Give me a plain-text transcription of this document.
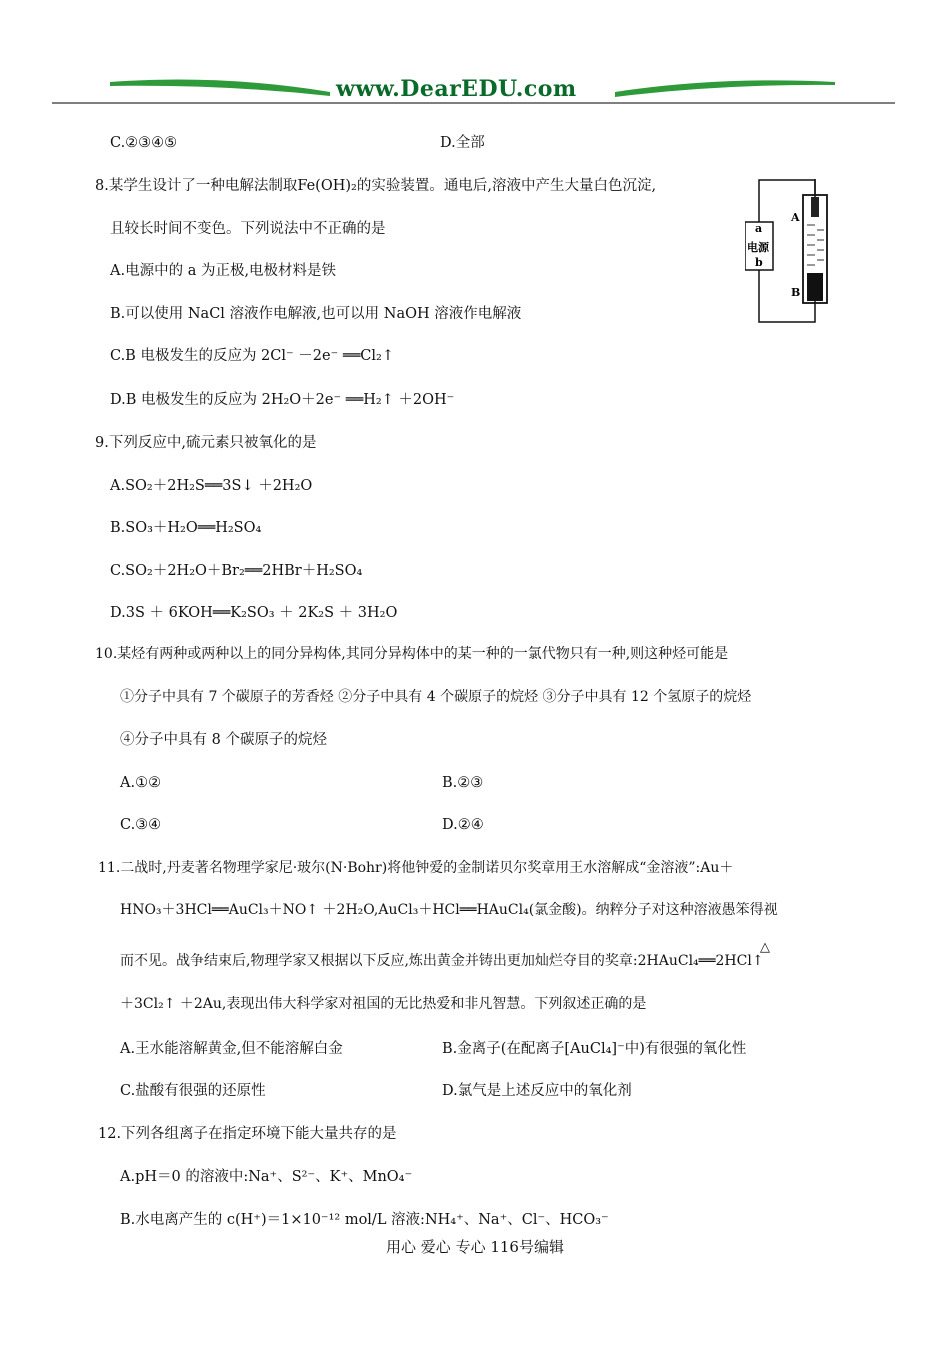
www.DearEDU.com
C.②③④⑤	D.全部
8.某学生设计了一种电解法制取Fe(OH)₂的实验装置。通电后,溶液中产生大量白色沉淀,
且较长时间不变色。下列说法中不正确的是
A.电源中的 a 为正极,电极材料是铁
B.可以使用 NaCl 溶液作电解液,也可以用 NaOH 溶液作电解液
C.B 电极发生的反应为 2Cl⁻ －2e⁻ ══Cl₂↑
D.B 电极发生的反应为 2H₂O＋2e⁻ ══H₂↑ ＋2OH⁻
a
电源
b
A
B
9.下列反应中,硫元素只被氧化的是
A.SO₂＋2H₂S══3S↓ ＋2H₂O
B.SO₃＋H₂O══H₂SO₄
C.SO₂＋2H₂O＋Br₂══2HBr＋H₂SO₄
D.3S ＋ 6KOH══K₂SO₃ ＋ 2K₂S ＋ 3H₂O
10.某烃有两种或两种以上的同分异构体,其同分异构体中的某一种的一氯代物只有一种,则这种烃可能是
①分子中具有 7 个碳原子的芳香烃 ②分子中具有 4 个碳原子的烷烃 ③分子中具有 12 个氢原子的烷烃
④分子中具有 8 个碳原子的烷烃
A.①②	B.②③
C.③④	D.②④
11.二战时,丹麦著名物理学家尼·玻尔(N·Bohr)将他钟爱的金制诺贝尔奖章用王水溶解成“金溶液”:Au＋
HNO₃＋3HCl══AuCl₃＋NO↑ ＋2H₂O,AuCl₃＋HCl══HAuCl₄(氯金酸)。纳粹分子对这种溶液愚笨得视
△
而不见。战争结束后,物理学家又根据以下反应,炼出黄金并铸出更加灿烂夺目的奖章:2HAuCl₄══2HCl↑
＋3Cl₂↑ ＋2Au,表现出伟大科学家对祖国的无比热爱和非凡智慧。下列叙述正确的是
A.王水能溶解黄金,但不能溶解白金	B.金离子(在配离子[AuCl₄]⁻中)有很强的氧化性
C.盐酸有很强的还原性	D.氯气是上述反应中的氧化剂
12.下列各组离子在指定环境下能大量共存的是
A.pH＝0 的溶液中:Na⁺、S²⁻、K⁺、MnO₄⁻
B.水电离产生的 c(H⁺)＝1×10⁻¹² mol/L 溶液:NH₄⁺、Na⁺、Cl⁻、HCO₃⁻
用心 爱心 专心 116号编辑
